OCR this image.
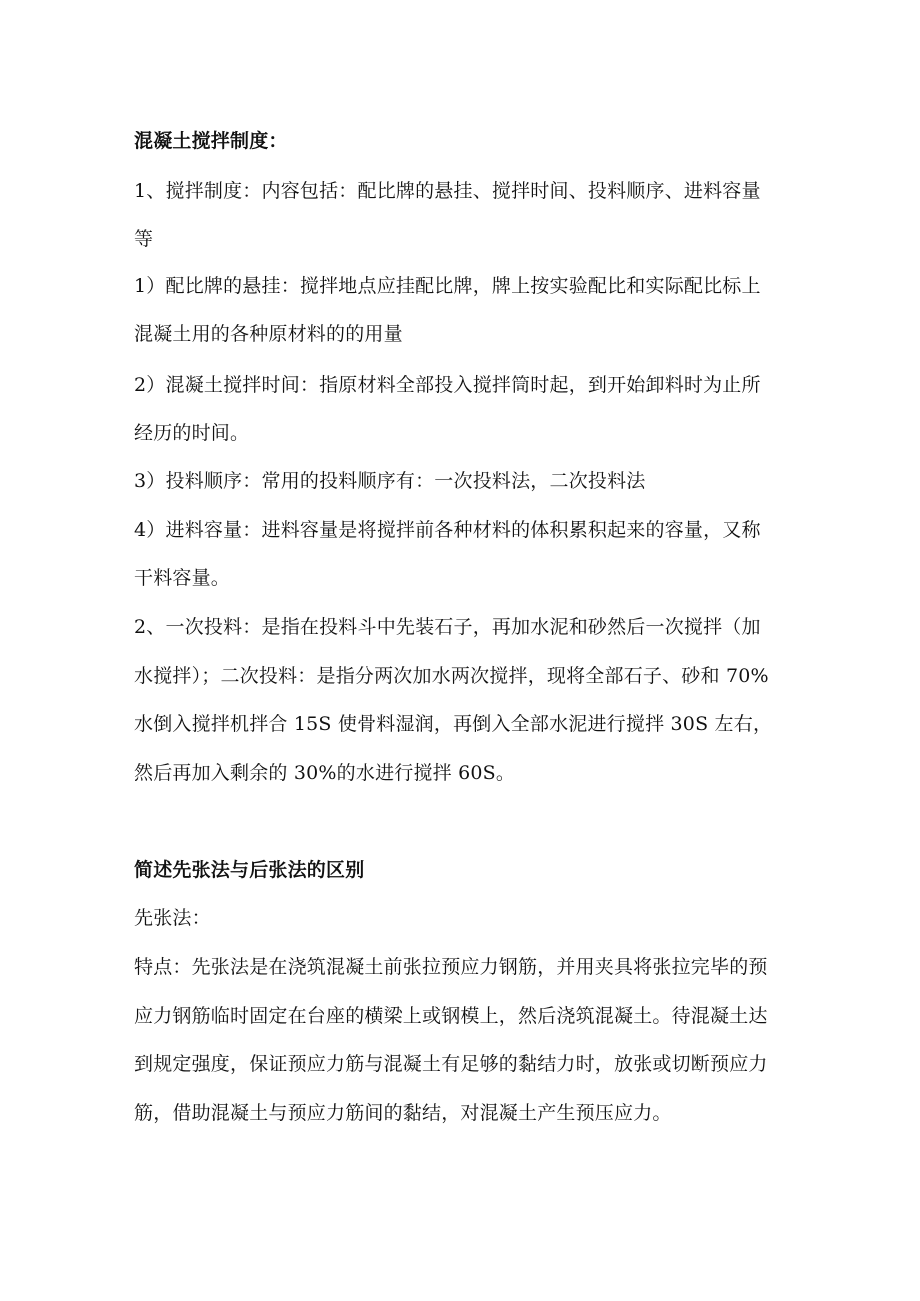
混凝土搅拌制度：
1、搅拌制度：内容包括：配比牌的悬挂、搅拌时间、投料顺序、进料容量
等
1）配比牌的悬挂：搅拌地点应挂配比牌，牌上按实验配比和实际配比标上
混凝土用的各种原材料的的用量
2）混凝土搅拌时间：指原材料全部投入搅拌筒时起，到开始卸料时为止所
经历的时间。
3）投料顺序：常用的投料顺序有：一次投料法，二次投料法
4）进料容量：进料容量是将搅拌前各种材料的体积累积起来的容量，又称
干料容量。
2、一次投料：是指在投料斗中先装石子，再加水泥和砂然后一次搅拌（加
水搅拌）；二次投料：是指分两次加水两次搅拌，现将全部石子、砂和 70%
水倒入搅拌机拌合 15S 使骨料湿润，再倒入全部水泥进行搅拌 30S 左右，
然后再加入剩余的 30%的水进行搅拌 60S。
简述先张法与后张法的区别
先张法：
特点：先张法是在浇筑混凝土前张拉预应力钢筋，并用夹具将张拉完毕的预
应力钢筋临时固定在台座的横梁上或钢模上，然后浇筑混凝土。待混凝土达
到规定强度，保证预应力筋与混凝土有足够的黏结力时，放张或切断预应力
筋，借助混凝土与预应力筋间的黏结，对混凝土产生预压应力。
